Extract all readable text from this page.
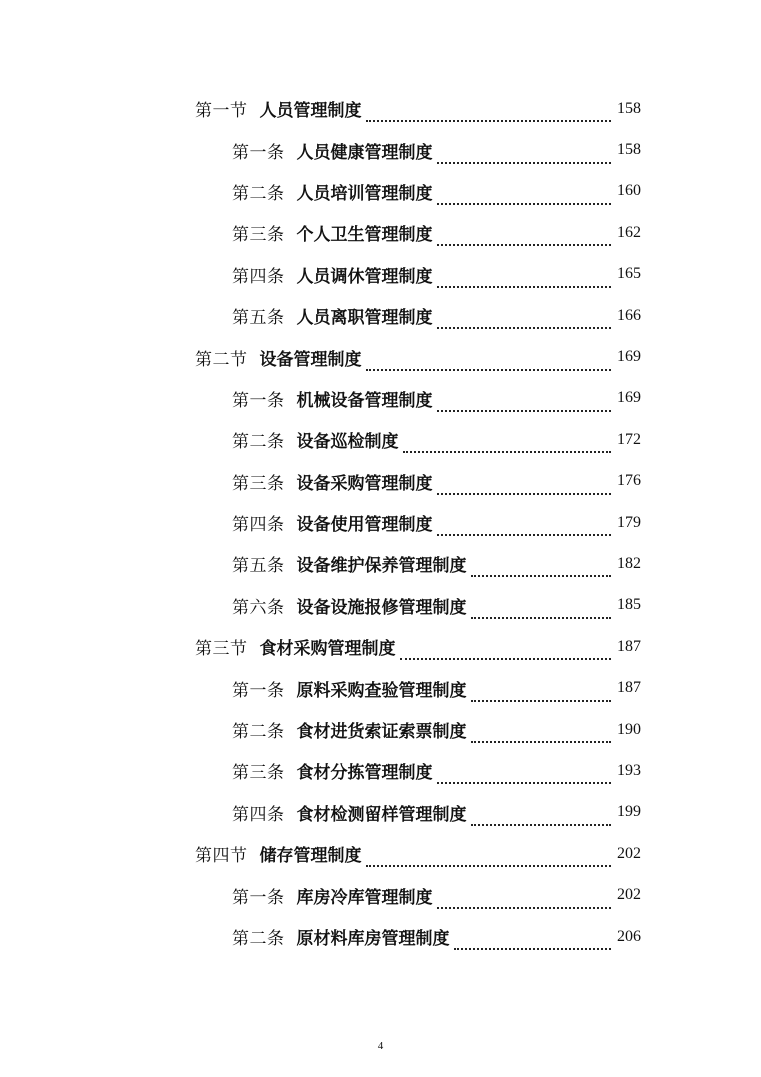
第一节 人员管理制度	158
第一条 人员健康管理制度	158
第二条 人员培训管理制度	160
第三条 个人卫生管理制度	162
第四条 人员调休管理制度	165
第五条 人员离职管理制度	166
第二节 设备管理制度	169
第一条 机械设备管理制度	169
第二条 设备巡检制度	172
第三条 设备采购管理制度	176
第四条 设备使用管理制度	179
第五条 设备维护保养管理制度	182
第六条 设备设施报修管理制度	185
第三节 食材采购管理制度	187
第一条 原料采购查验管理制度	187
第二条 食材进货索证索票制度	190
第三条 食材分拣管理制度	193
第四条 食材检测留样管理制度	199
第四节 储存管理制度	202
第一条 库房冷库管理制度	202
第二条 原材料库房管理制度	206
4
